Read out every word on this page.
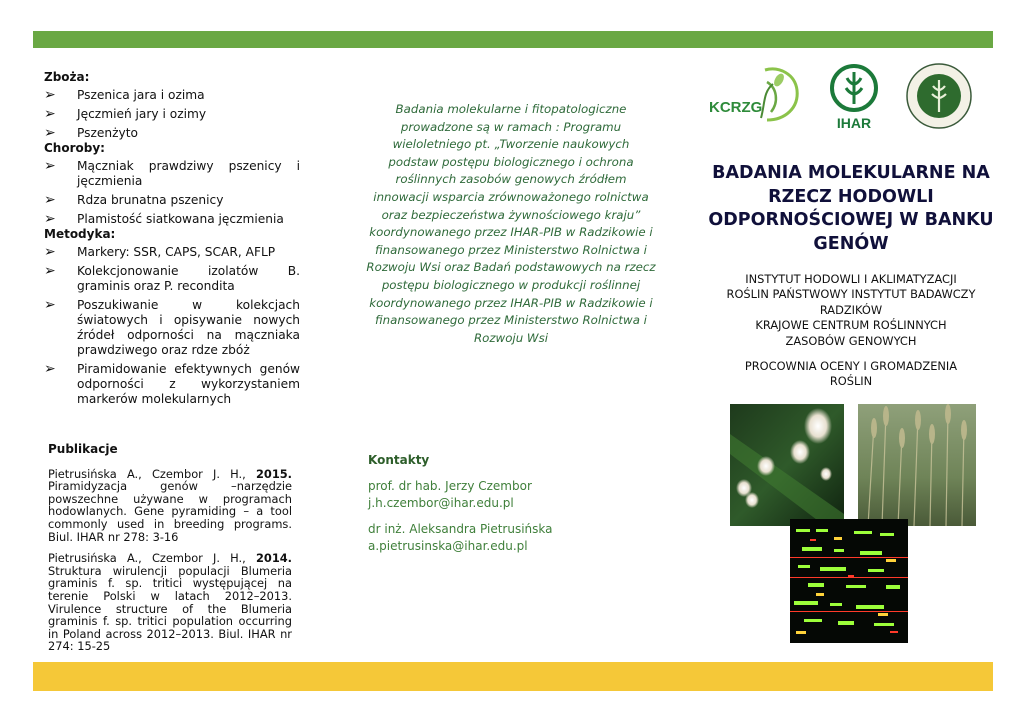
Zboża:

➢	Pszenica jara i ozima
➢	Jęczmień jary i ozimy
➢	Pszenżyto

Choroby:

➢	Mączniak prawdziwy pszenicy i jęczmienia
➢	Rdza brunatna pszenicy
➢	Plamistość siatkowana jęczmienia

Metodyka:

➢	Markery: SSR, CAPS, SCAR, AFLP
➢	Kolekcjonowanie izolatów B. graminis oraz P. recondita
➢	Poszukiwanie w kolekcjach światowych i opisywanie nowych źródeł odporności na mączniaka prawdziwego oraz rdze zbóż
➢	Piramidowanie efektywnych genów odporności z wykorzystaniem markerów molekularnych
Publikacje
Pietrusińska A., Czembor J. H., 2015. Piramidyzacja genów –narzędzie powszechne używane w programach hodowlanych. Gene pyramiding – a tool commonly used in breeding programs. Biul. IHAR nr 278: 3-16
Pietrusińska A., Czembor J. H., 2014. Struktura wirulencji populacji Blumeria graminis f. sp. tritici występującej na terenie Polski w latach 2012–2013. Virulence structure of the Blumeria graminis f. sp. tritici population occurring in Poland across 2012–2013. Biul. IHAR nr 274: 15-25
Badania molekularne i fitopatologiczne prowadzone są w ramach : Programu wieloletniego pt. „Tworzenie naukowych podstaw postępu biologicznego i ochrona roślinnych zasobów genowych źródłem innowacji wsparcia zrównoważonego rolnictwa oraz bezpieczeństwa żywnościowego kraju” koordynowanego przez IHAR-PIB w Radzikowie i finansowanego przez Ministerstwo Rolnictwa i Rozwoju Wsi oraz Badań podstawowych na rzecz postępu biologicznego w produkcji roślinnej koordynowanego przez IHAR-PIB w Radzikowie i finansowanego przez Ministerstwo Rolnictwa i Rozwoju Wsi
Kontakty

prof. dr hab. Jerzy Czembor
j.h.czembor@ihar.edu.pl

dr inż. Aleksandra Pietrusińska
a.pietrusinska@ihar.edu.pl

KCRZG
IHAR
BADANIA MOLEKULARNE NA RZECZ HODOWLI ODPORNOŚCIOWEJ W BANKU GENÓW

INSTYTUT HODOWLI I AKLIMATYZACJI

ROŚLIN PAŃSTWOWY INSTYTUT BADAWCZY

RADZIKÓW

KRAJOWE CENTRUM ROŚLINNYCH

ZASOBÓW GENOWYCH

PROCOWNIA OCENY I GROMADZENIA

ROŚLIN
